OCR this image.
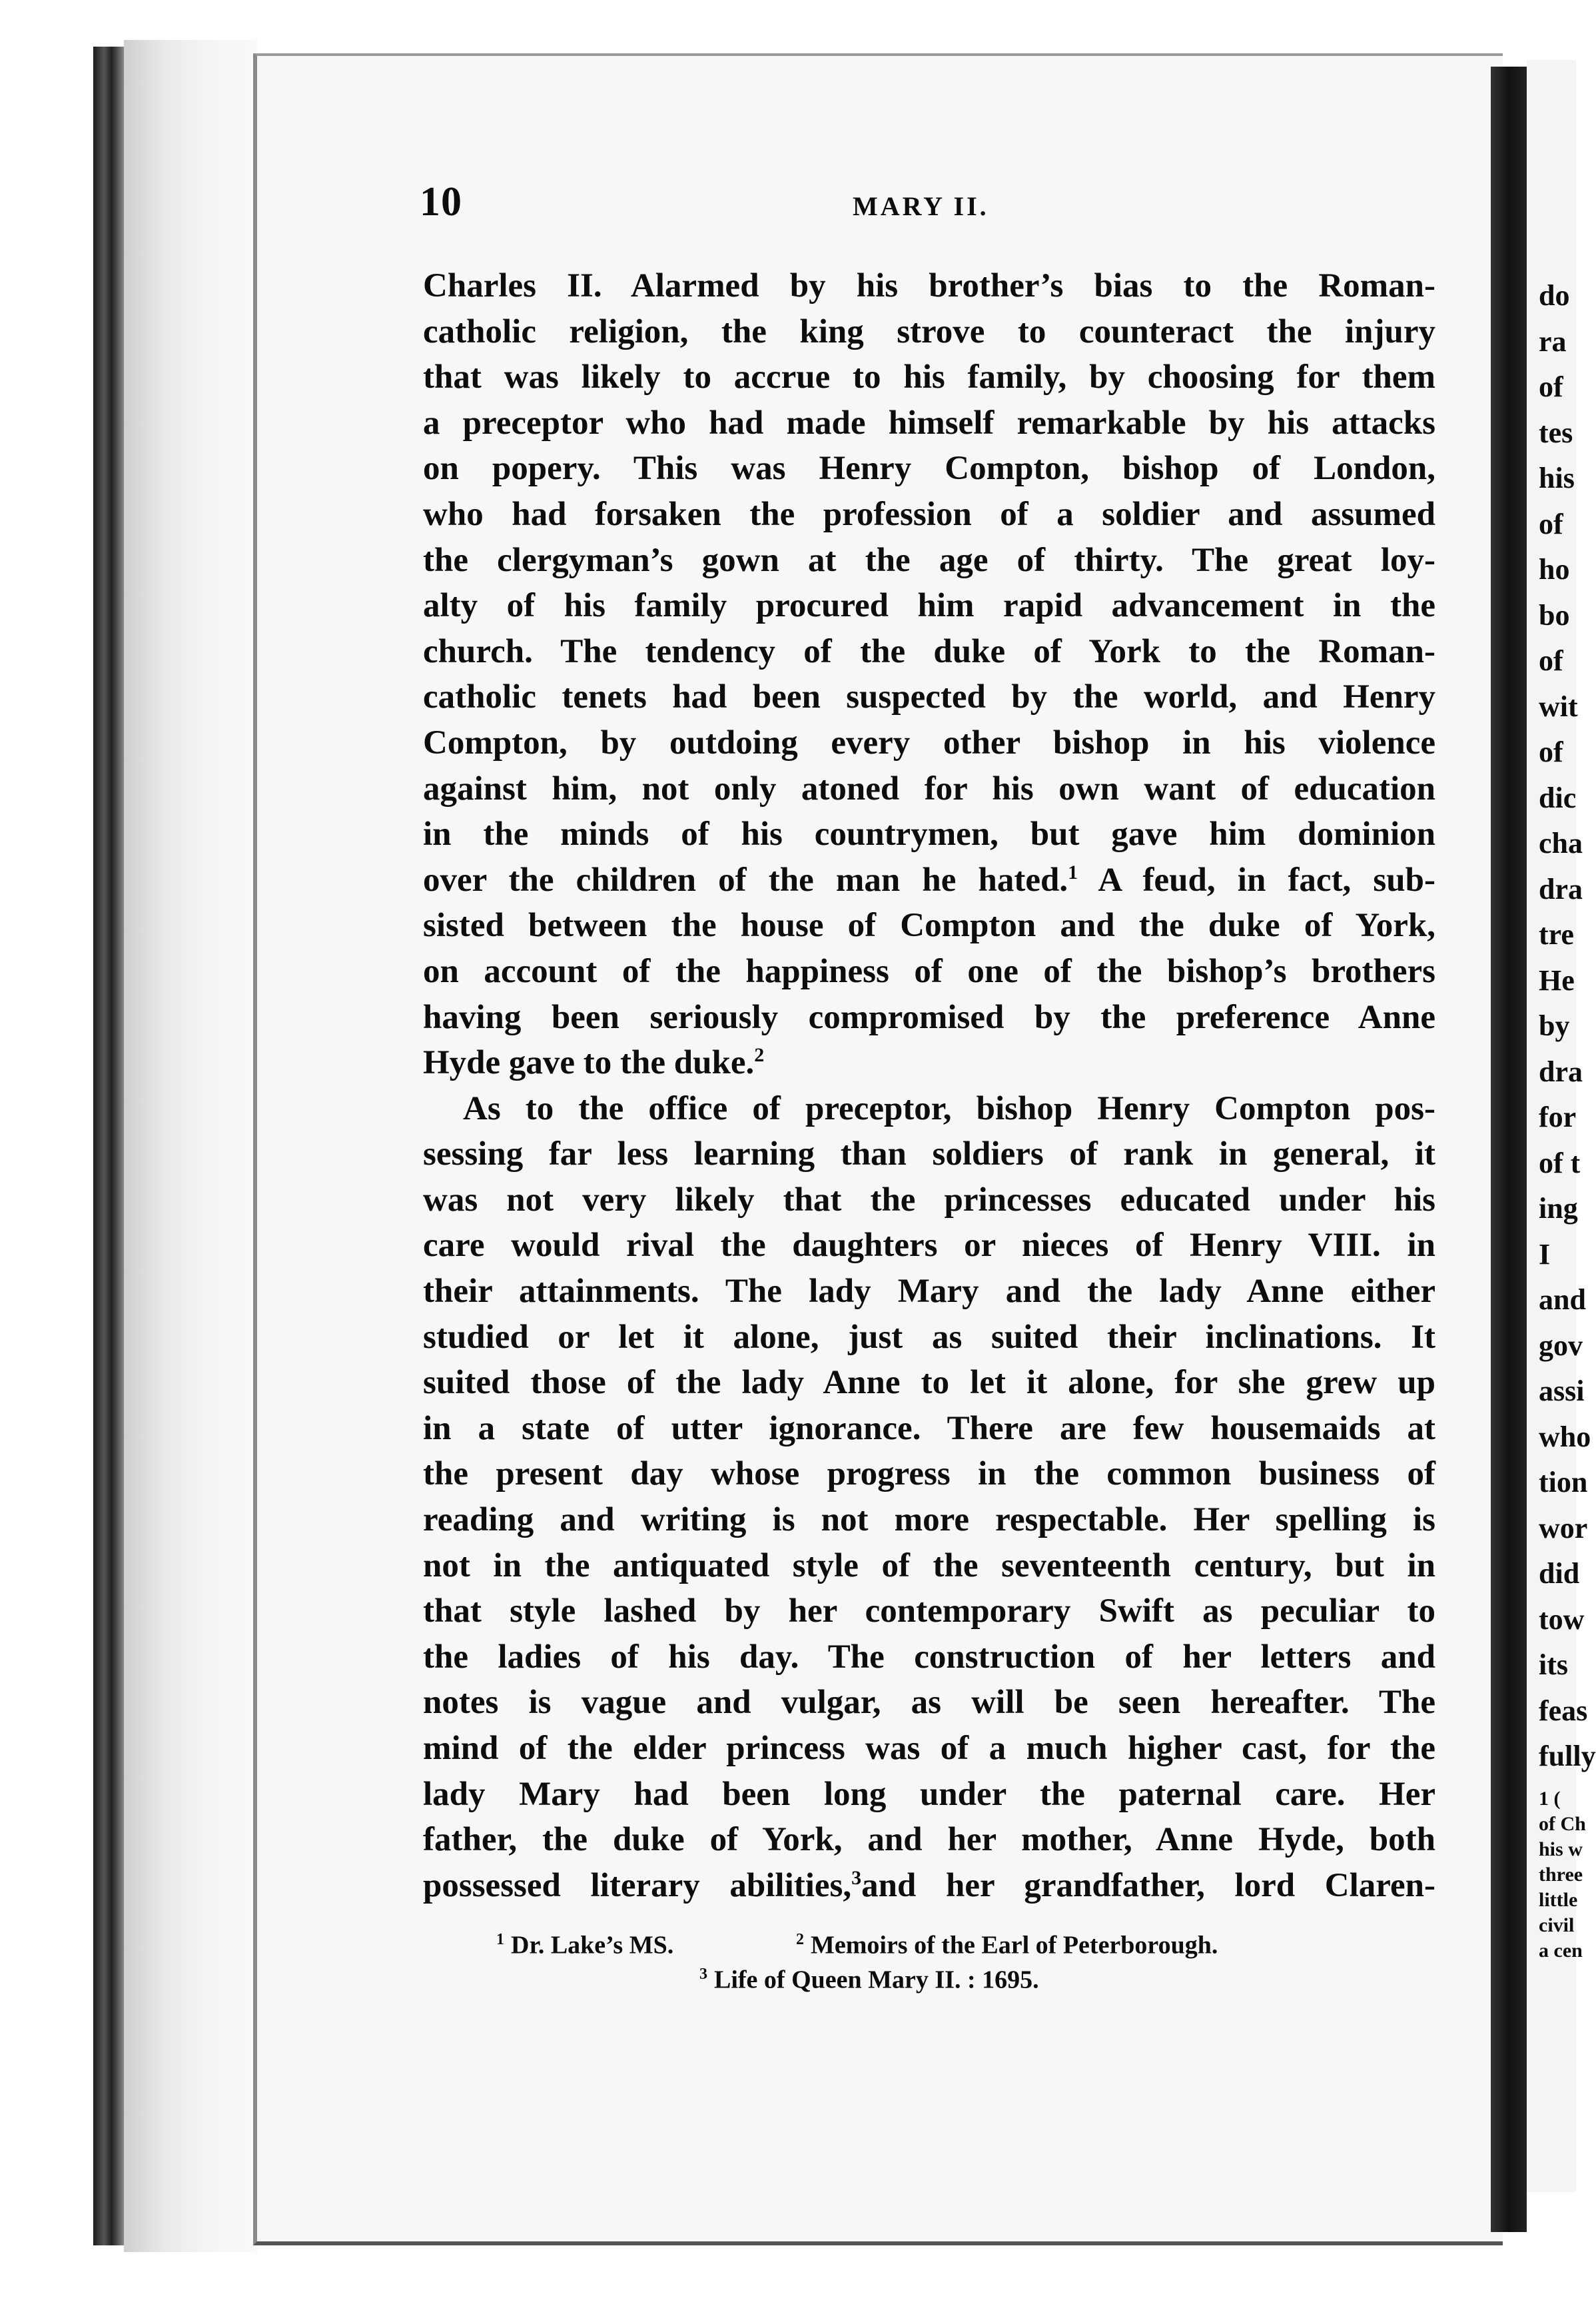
10	MARY II.
Charles II. Alarmed by his brother’s bias to the Roman-
catholic religion, the king strove to counteract the injury
that was likely to accrue to his family, by choosing for them
a preceptor who had made himself remarkable by his attacks
on popery. This was Henry Compton, bishop of London,
who had forsaken the profession of a soldier and assumed
the clergyman’s gown at the age of thirty. The great loy-
alty of his family procured him rapid advancement in the
church. The tendency of the duke of York to the Roman-
catholic tenets had been suspected by the world, and Henry
Compton, by outdoing every other bishop in his violence
against him, not only atoned for his own want of education
in the minds of his countrymen, but gave him dominion
over the children of the man he hated.$^1$ A feud, in fact, sub-
sisted between the house of Compton and the duke of York,
on account of the happiness of one of the bishop’s brothers
having been seriously compromised by the preference Anne
Hyde gave to the duke.$^2$
As to the office of preceptor, bishop Henry Compton pos-
sessing far less learning than soldiers of rank in general, it
was not very likely that the princesses educated under his
care would rival the daughters or nieces of Henry VIII. in
their attainments. The lady Mary and the lady Anne either
studied or let it alone, just as suited their inclinations. It
suited those of the lady Anne to let it alone, for she grew up
in a state of utter ignorance. There are few housemaids at
the present day whose progress in the common business of
reading and writing is not more respectable. Her spelling is
not in the antiquated style of the seventeenth century, but in
that style lashed by her contemporary Swift as peculiar to
the ladies of his day. The construction of her letters and
notes is vague and vulgar, as will be seen hereafter. The
mind of the elder princess was of a much higher cast, for the
lady Mary had been long under the paternal care. Her
father, the duke of York, and her mother, Anne Hyde, both
possessed literary abilities,$^3$and her grandfather, lord Claren-
$^1$ Dr. Lake’s MS.	$^2$ Memoirs of the Earl of Peterborough.
$^3$ Life of Queen Mary II. : 1695.
do
ra
of
tes
his
of
ho
bo
of
wit
of
dic
cha
dra
tre
He
by
dra
for
of t
ing
I
and
gov
assi
who
tion
wor
did
tow
its
feas
fully
1 (
of Ch
his w
three
little
civil
a cen
